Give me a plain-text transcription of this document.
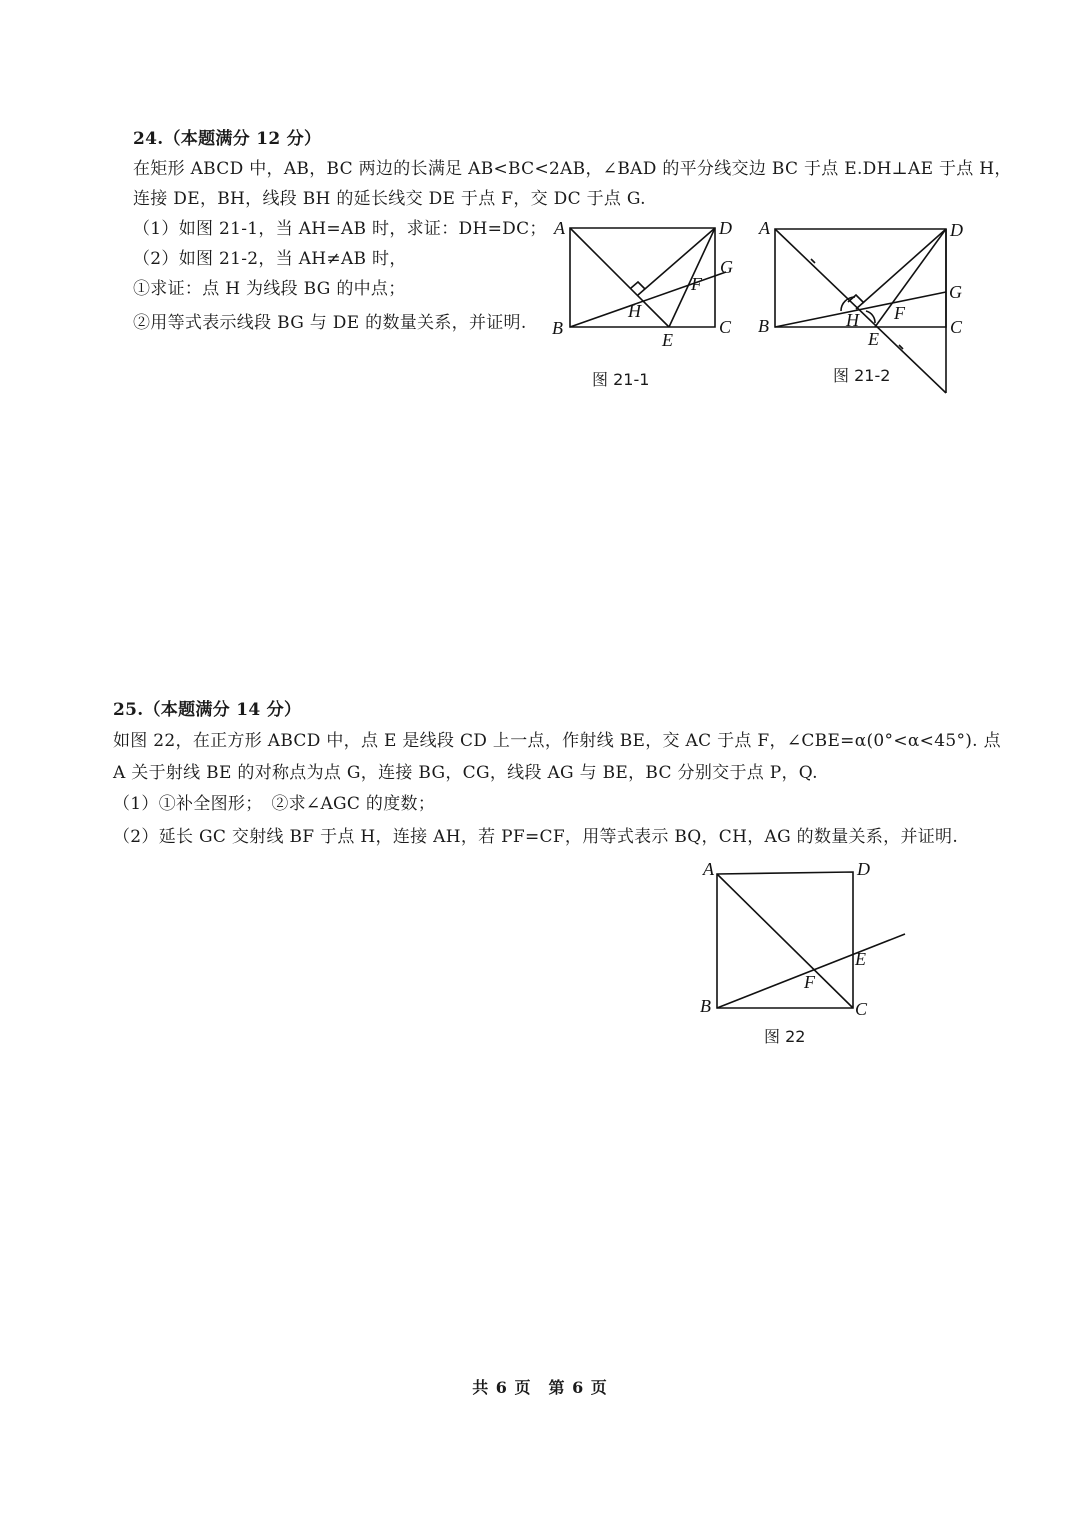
24.（本题满分 12 分）
在矩形 ABCD 中，AB，BC 两边的长满足 AB<BC<2AB，∠BAD 的平分线交边 BC 于点 E.DH⊥AE 于点 H，
连接 DE，BH，线段 BH 的延长线交 DE 于点 F，交 DC 于点 G.
（1）如图 21-1，当 AH=AB 时，求证：DH=DC；
（2）如图 21-2，当 AH≠AB 时，
①求证：点 H 为线段 BG 的中点；
②用等式表示线段 BG 与 DE 的数量关系，并证明.
A	D
G
F
H
B
E
C
图 21-1
A	D
G
F
H
B
E
C
图 21-2
25.（本题满分 14 分）
如图 22，在正方形 ABCD 中，点 E 是线段 CD 上一点，作射线 BE，交 AC 于点 F，∠CBE=α(0°<α<45°). 点
A 关于射线 BE 的对称点为点 G，连接 BG，CG，线段 AG 与 BE，BC 分别交于点 P，Q.
（1）①补全图形；　②求∠AGC 的度数；
（2）延长 GC 交射线 BF 于点 H，连接 AH，若 PF=CF，用等式表示 BQ，CH，AG 的数量关系，并证明.
A	D
E
F
B	C
图 22
共 6 页　第 6 页
